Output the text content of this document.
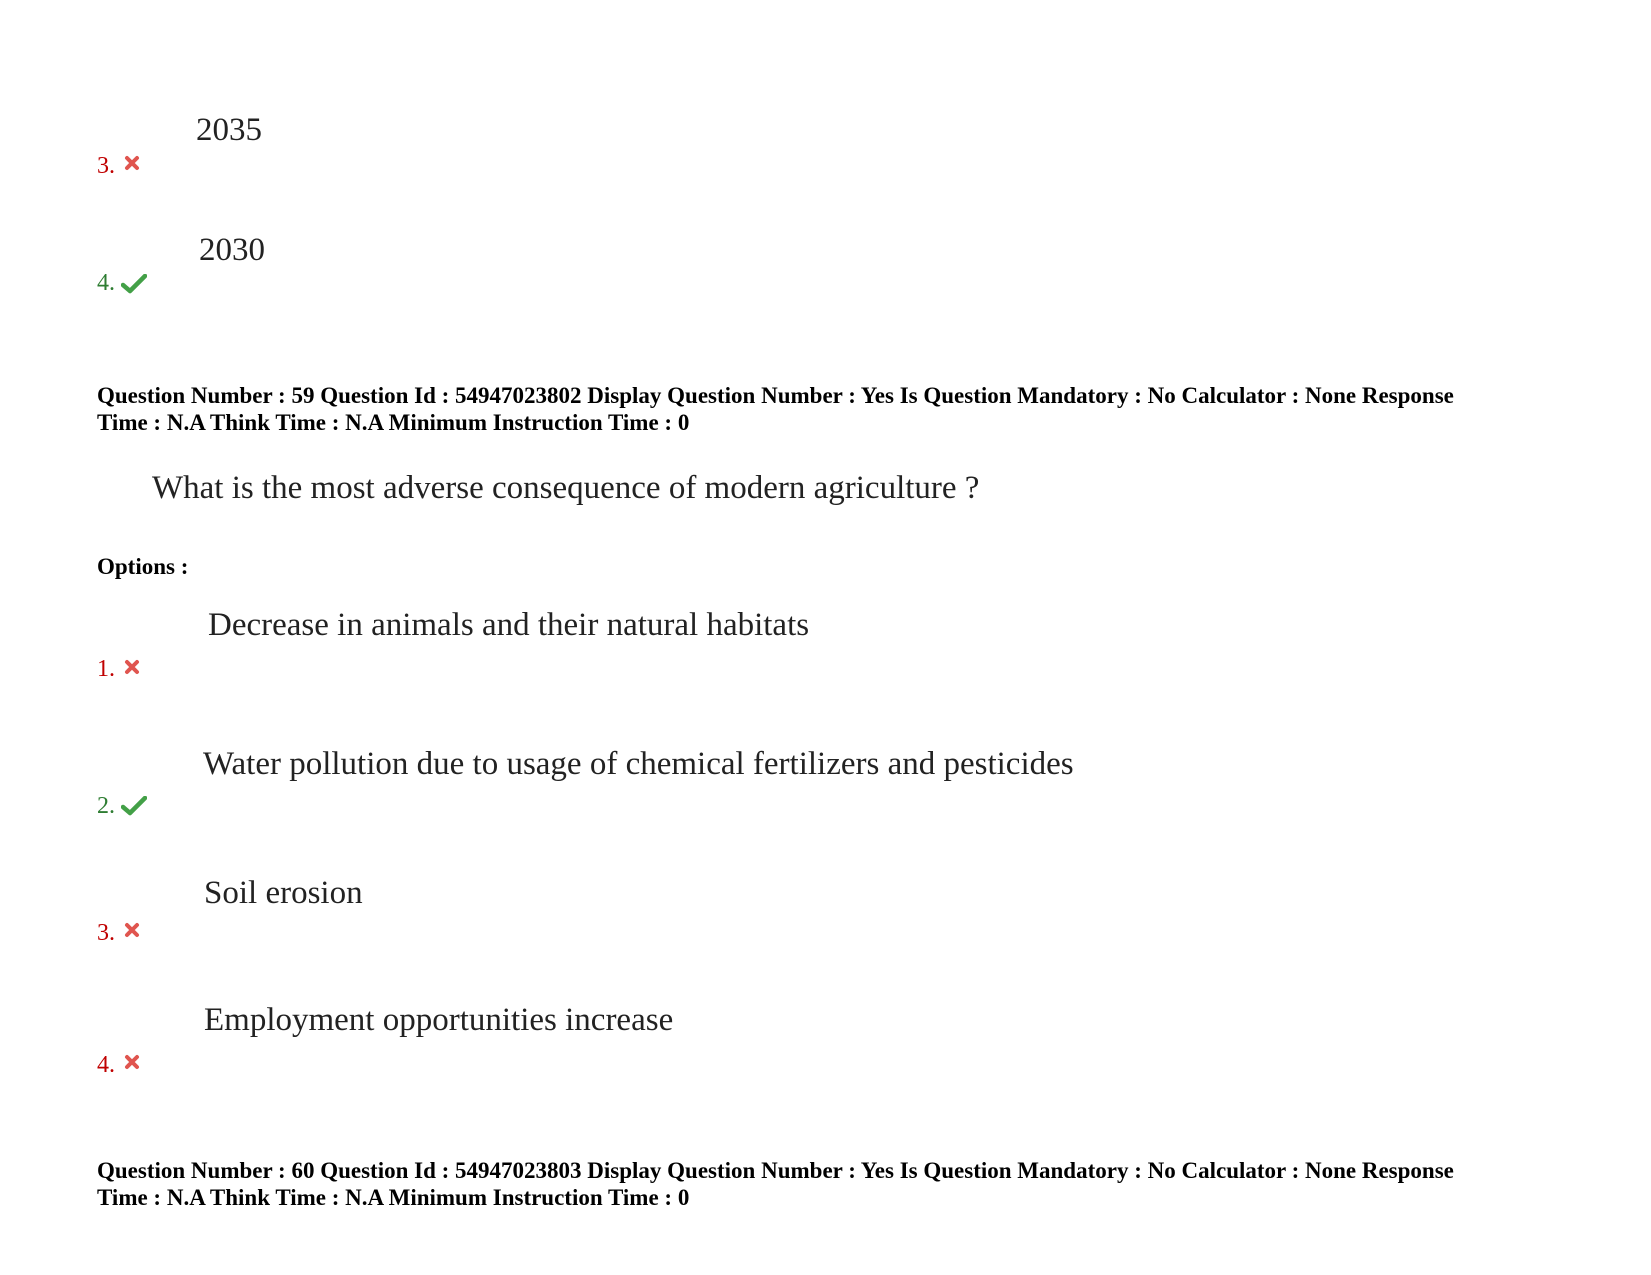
2035
3.
2030
4.
Question Number : 59 Question Id : 54947023802 Display Question Number : Yes Is Question Mandatory : No Calculator : None Response
Time : N.A Think Time : N.A Minimum Instruction Time : 0
What is the most adverse consequence of modern agriculture ?
Options :
Decrease in animals and their natural habitats
1.
Water pollution due to usage of chemical fertilizers and pesticides
2.
Soil erosion
3.
Employment opportunities increase
4.
Question Number : 60 Question Id : 54947023803 Display Question Number : Yes Is Question Mandatory : No Calculator : None Response
Time : N.A Think Time : N.A Minimum Instruction Time : 0
